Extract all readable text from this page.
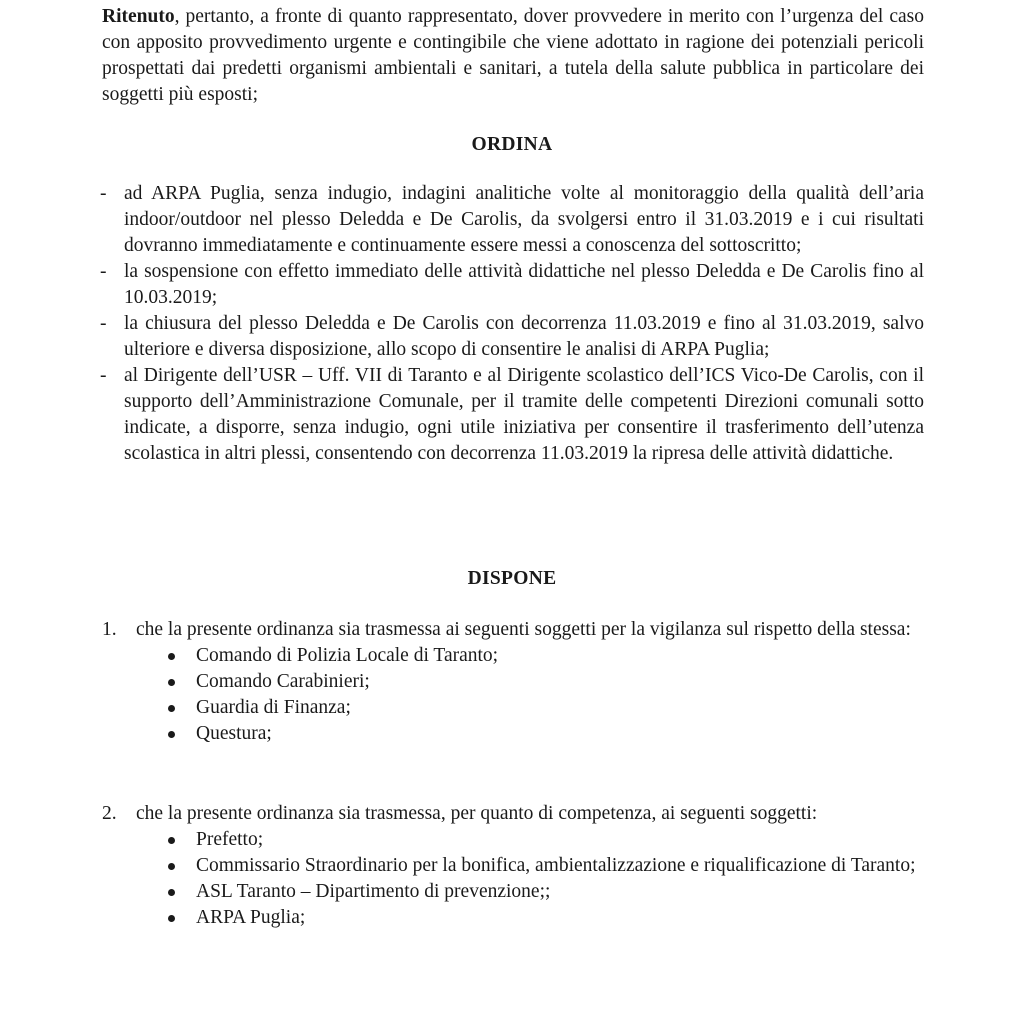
Ritenuto, pertanto, a fronte di quanto rappresentato, dover provvedere in merito con l’urgenza del caso con apposito provvedimento urgente e contingibile che viene adottato in ragione dei potenziali pericoli prospettati dai predetti organismi ambientali e sanitari, a tutela della salute pubblica in particolare dei soggetti più esposti;

ORDINA
- ad ARPA Puglia, senza indugio, indagini analitiche volte al monitoraggio della qualità dell’aria indoor/outdoor nel plesso Deledda e De Carolis, da svolgersi entro il 31.03.2019 e i cui risultati dovranno immediatamente e continuamente essere messi a conoscenza del sottoscritto;
- la sospensione con effetto immediato delle attività didattiche nel plesso Deledda e De Carolis fino al 10.03.2019;
- la chiusura del plesso Deledda e De Carolis con decorrenza 11.03.2019 e fino al 31.03.2019, salvo ulteriore e diversa disposizione, allo scopo di consentire le analisi di ARPA Puglia;
- al Dirigente dell’USR – Uff. VII di Taranto e al Dirigente scolastico dell’ICS Vico-De Carolis, con il supporto dell’Amministrazione Comunale, per il tramite delle competenti Direzioni comunali sotto indicate, a disporre, senza indugio, ogni utile iniziativa per consentire il trasferimento dell’utenza scolastica in altri plessi, consentendo con decorrenza 11.03.2019 la ripresa delle attività didattiche.
DISPONE
1. che la presente ordinanza sia trasmessa ai seguenti soggetti per la vigilanza sul rispetto della stessa:
Comando di Polizia Locale di Taranto;
Comando Carabinieri;
Guardia di Finanza;
Questura;
2. che la presente ordinanza sia trasmessa, per quanto di competenza, ai seguenti soggetti:
Prefetto;
Commissario Straordinario per la bonifica, ambientalizzazione e riqualificazione di Taranto;
ASL Taranto – Dipartimento di prevenzione;;
ARPA Puglia;
